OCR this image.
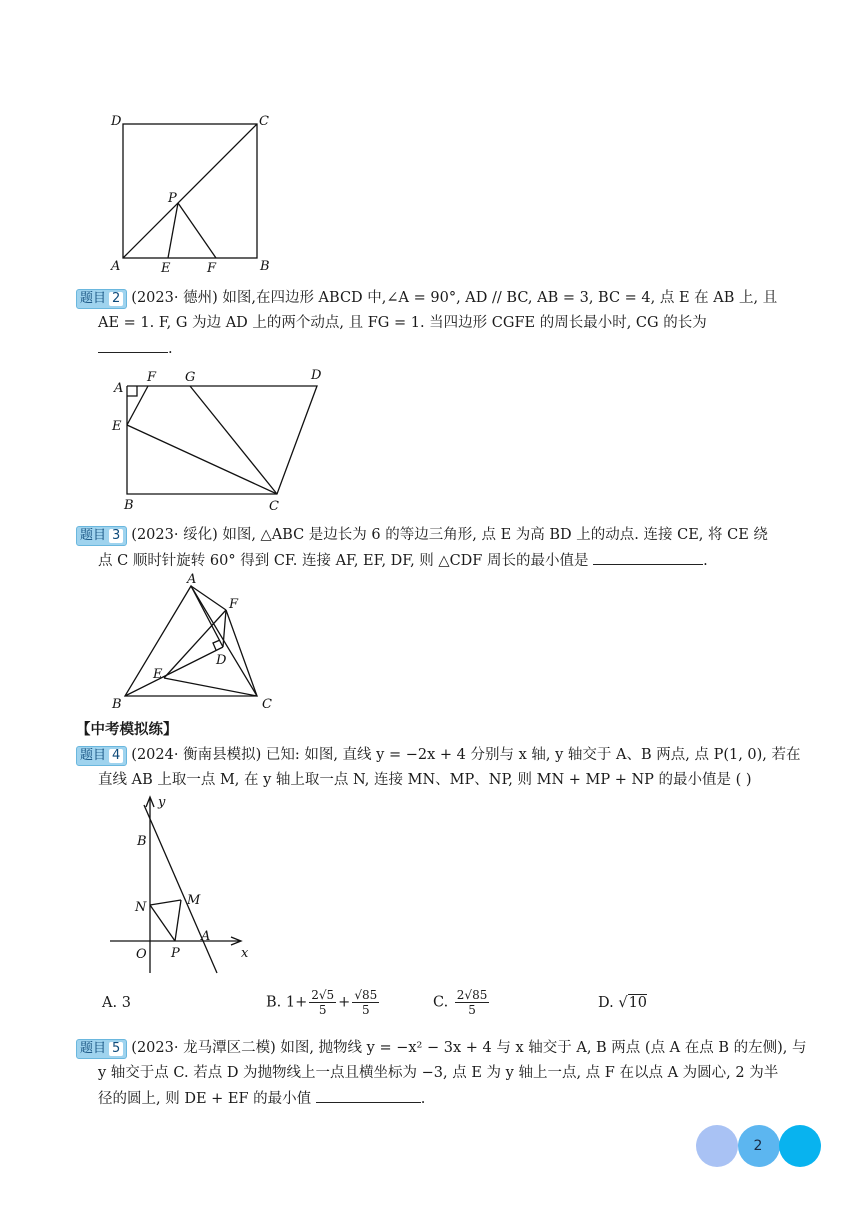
D	C
P
A	E	F	B
题目 2 (2023· 德州) 如图,在四边形 ABCD 中,∠A = 90°, AD // BC, AB = 3, BC = 4, 点 E 在 AB 上, 且
AE = 1. F, G 为边 AD 上的两个动点, 且 FG = 1. 当四边形 CGFE 的周长最小时, CG 的长为
.
A
F G	D
E
B	C
题目 3 (2023· 绥化) 如图, △ABC 是边长为 6 的等边三角形, 点 E 为高 BD 上的动点. 连接 CE, 将 CE 绕
点 C 顺时针旋转 60° 得到 CF. 连接 AF, EF, DF, 则 △CDF 周长的最小值是	.
A
F
D
E
B	C
【中考模拟练】
题目 4 (2024· 衡南县模拟) 已知: 如图, 直线 y = −2x + 4 分别与 x 轴, y 轴交于 A、B 两点, 点 P(1, 0), 若在
直线 AB 上取一点 M, 在 y 轴上取一点 N, 连接 MN、MP、NP, 则 MN + MP + NP 的最小值是 ( )
y
B
N	M
O P
A
x
A. 3	B. $1+ \frac{2√5}{5} + \frac{√85}{5}$	C. $\frac{2√85}{5}$	D. √10
题目 5 (2023· 龙马潭区二模) 如图, 抛物线 y = −x² − 3x + 4 与 x 轴交于 A, B 两点 (点 A 在点 B 的左侧), 与
y 轴交于点 C. 若点 D 为抛物线上一点且横坐标为 −3, 点 E 为 y 轴上一点, 点 F 在以点 A 为圆心, 2 为半
径的圆上, 则 DE + EF 的最小值	.
2
